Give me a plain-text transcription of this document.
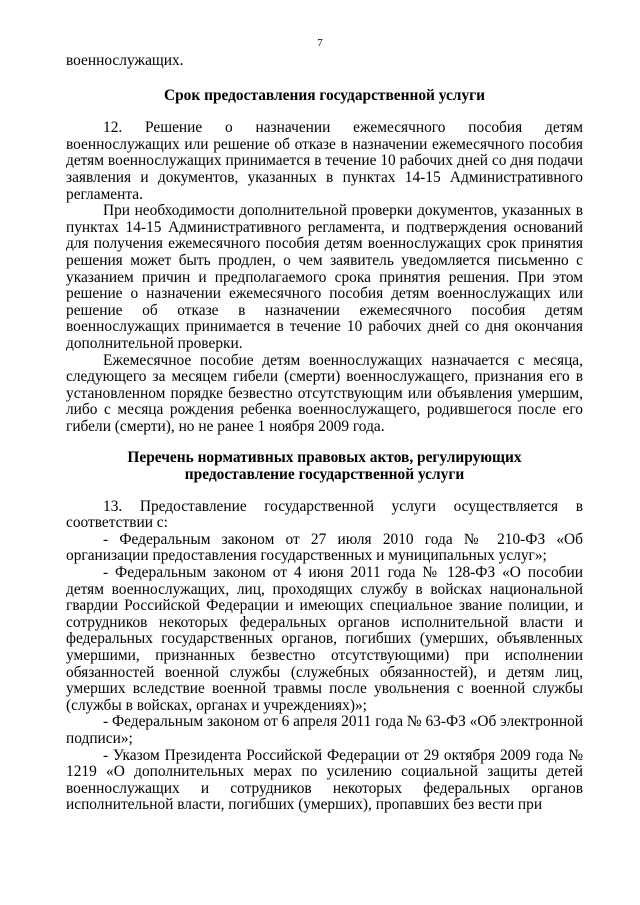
7

военнослужащих.

Срок предоставления государственной услуги

12. Решение о назначении ежемесячного пособия детям военнослужащих или решение об отказе в назначении ежемесячного пособия детям военнослужащих принимается в течение 10 рабочих дней со дня подачи заявления и документов, указанных в пунктах 14-15 Административного регламента.

При необходимости дополнительной проверки документов, указанных в пунктах 14-15 Административного регламента, и подтверждения оснований для получения ежемесячного пособия детям военнослужащих срок принятия решения может быть продлен, о чем заявитель уведомляется письменно с указанием причин и предполагаемого срока принятия решения. При этом решение о назначении ежемесячного пособия детям военнослужащих или решение об отказе в назначении ежемесячного пособия детям военнослужащих принимается в течение 10 рабочих дней со дня окончания дополнительной проверки.

Ежемесячное пособие детям военнослужащих назначается с месяца, следующего за месяцем гибели (смерти) военнослужащего, признания его в установленном порядке безвестно отсутствующим или объявления умершим, либо с месяца рождения ребенка военнослужащего, родившегося после его гибели (смерти), но не ранее 1 ноября 2009 года.

Перечень нормативных правовых актов, регулирующих
предоставление государственной услуги

13. Предоставление государственной услуги осуществляется в соответствии с:

- Федеральным законом от 27 июля 2010 года № 210-ФЗ «Об организации предоставления государственных и муниципальных услуг»;

- Федеральным законом от 4 июня 2011 года № 128-ФЗ «О пособии детям военнослужащих, лиц, проходящих службу в войсках национальной гвардии Российской Федерации и имеющих специальное звание полиции, и сотрудников некоторых федеральных органов исполнительной власти и федеральных государственных органов, погибших (умерших, объявленных умершими, признанных безвестно отсутствующими) при исполнении обязанностей военной службы (служебных обязанностей), и детям лиц, умерших вследствие военной травмы после увольнения с военной службы (службы в войсках, органах и учреждениях)»;

- Федеральным законом от 6 апреля 2011 года № 63-ФЗ «Об электронной подписи»;

- Указом Президента Российской Федерации от 29 октября 2009 года № 1219 «О дополнительных мерах по усилению социальной защиты детей военнослужащих и сотрудников некоторых федеральных органов исполнительной власти, погибших (умерших), пропавших без вести при
